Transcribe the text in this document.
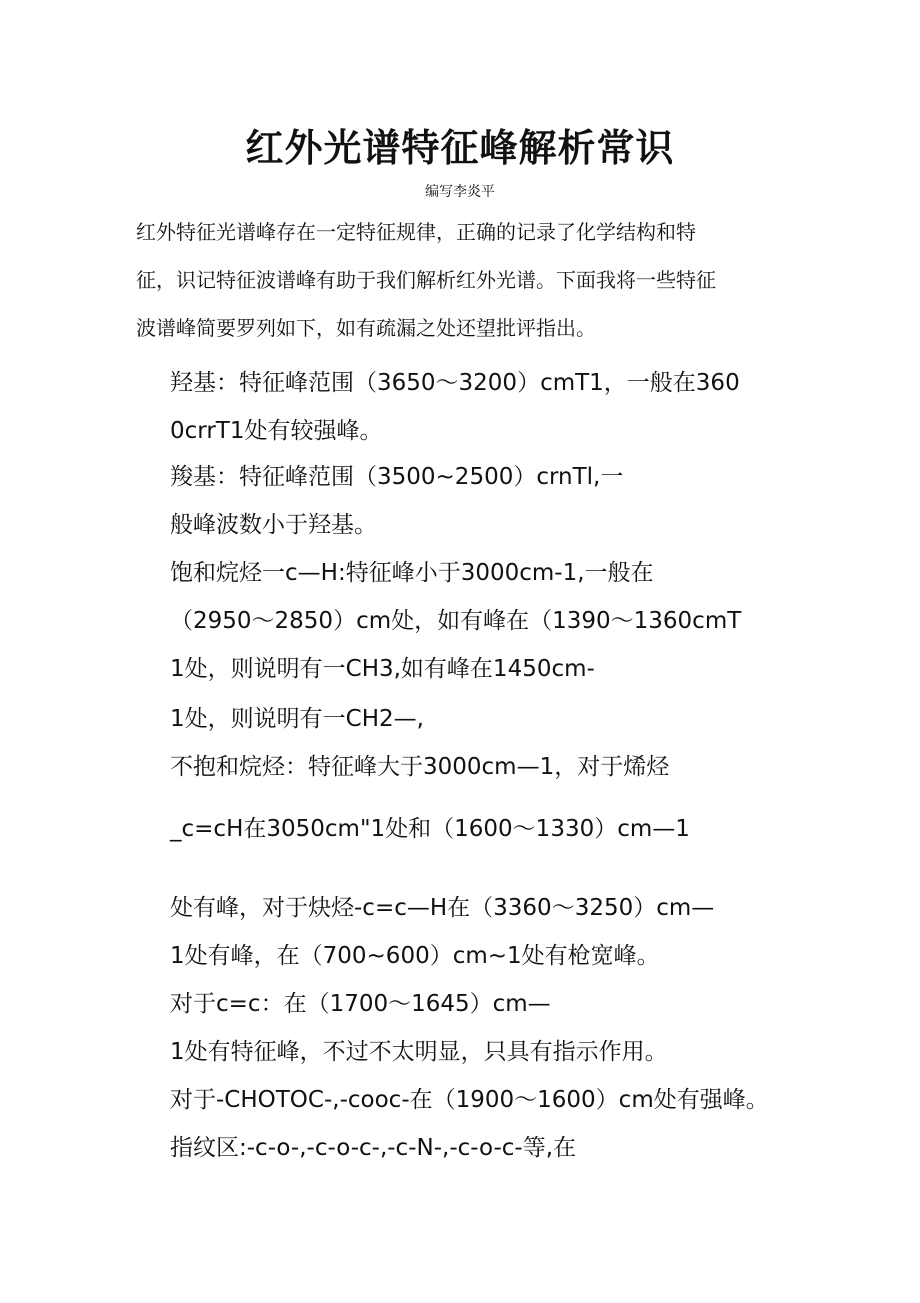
红外光谱特征峰解析常识
编写李炎平
红外特征光谱峰存在一定特征规律，正确的记录了化学结构和特
征，识记特征波谱峰有助于我们解析红外光谱。下面我将一些特征
波谱峰简要罗列如下，如有疏漏之处还望批评指出。
羟基：特征峰范围（3650〜3200）cmT1，一般在360
0crrT1处有较强峰。
羧基：特征峰范围（3500~2500）crnTl,一
般峰波数小于羟基。
饱和烷烃一c—H:特征峰小于3000cm-1,一般在
（2950〜2850）cm处，如有峰在（1390〜1360cmT
1处，则说明有一CH3,如有峰在1450cm-
1处，则说明有一CH2—,
不抱和烷烃：特征峰大于3000cm—1，对于烯烃
_c=cH在3050cm"1处和（1600〜1330）cm—1
处有峰，对于炔烃-c=c—H在（3360〜3250）cm—
1处有峰，在（700~600）cm~1处有枪宽峰。
对于c=c：在（1700〜1645）cm—
1处有特征峰，不过不太明显，只具有指示作用。
对于-CHOTOC-,-cooc-在（1900〜1600）cm处有强峰。
指纹区:-c-o-,-c-o-c-,-c-N-,-c-o-c-等,在
